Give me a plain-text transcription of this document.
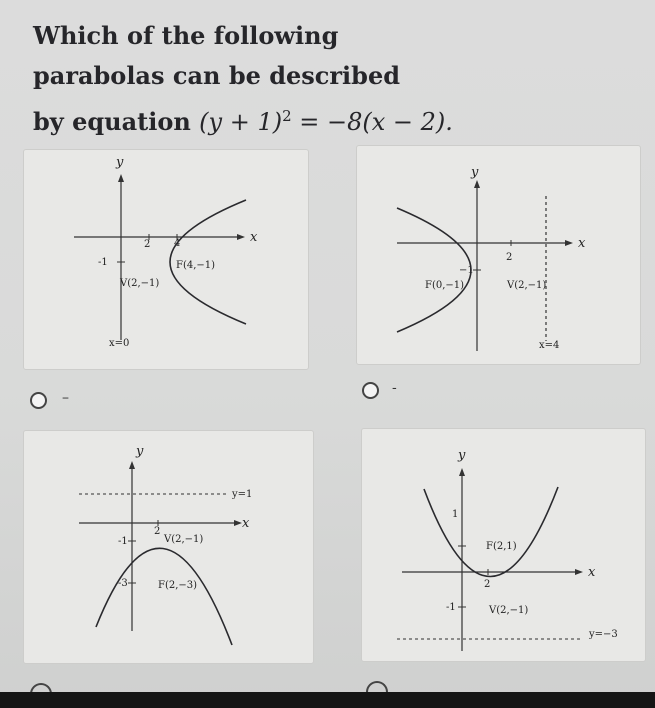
Which of the following
parabolas can be described
by equation $(y + 1)^2 = -8(x - 2)$.
y
x
2 4
-1	F(4,−1)
V(2,−1)
x=0
–
y
x
2
−1
F(0,−1)	V(2,−1)
x=4
-
y
x
y=1
2
-1
-3
V(2,−1)
F(2,−3)
y
x
1
2
-1
y=−3
F(2,1)
V(2,−1)
